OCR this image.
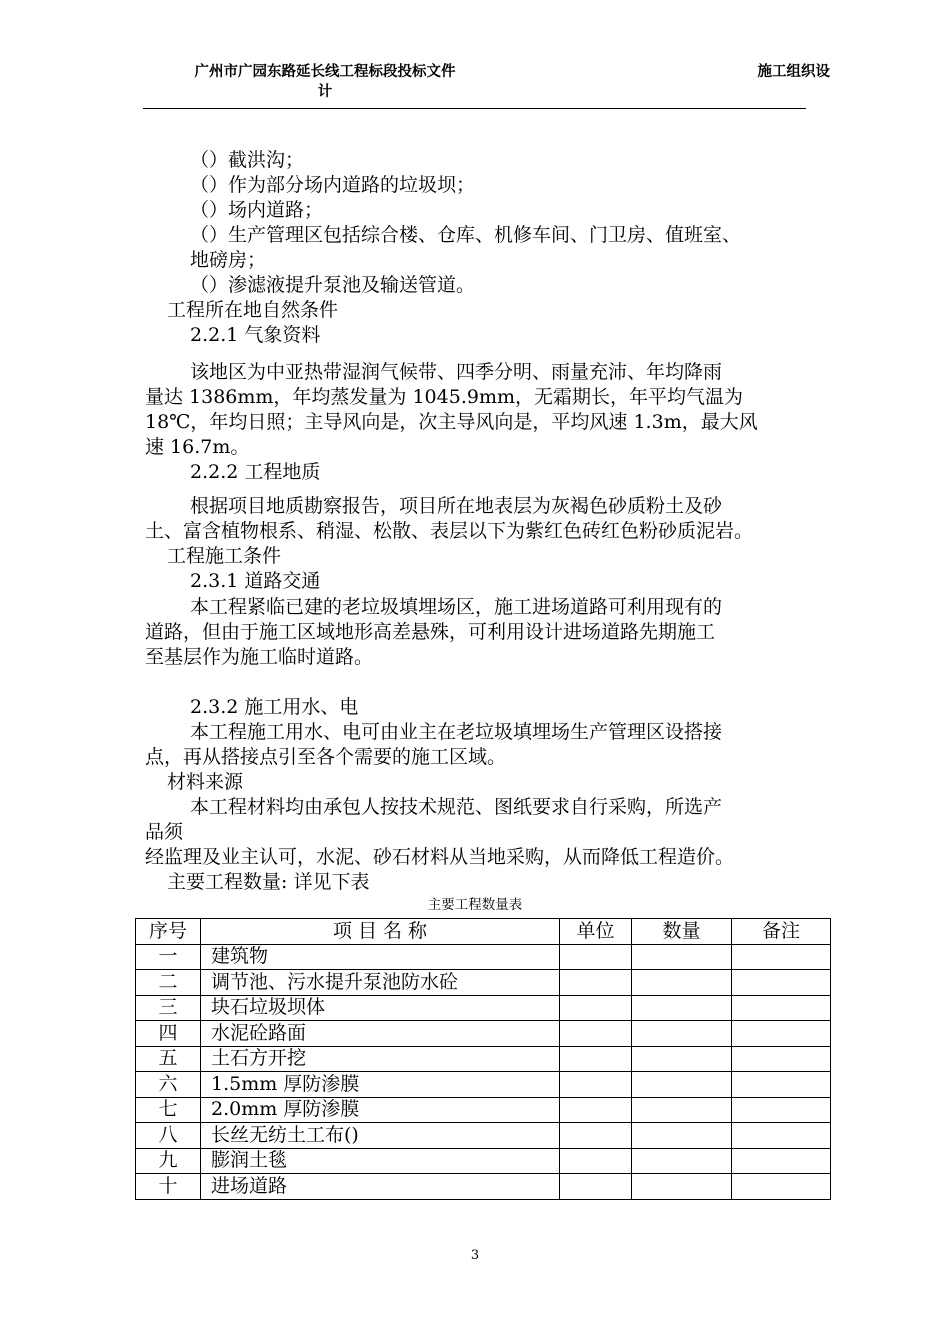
广州市广园东路延长线工程标段投标文件
计
施工组织设
（）截洪沟；
（）作为部分场内道路的垃圾坝；
（）场内道路；
（）生产管理区包括综合楼、仓库、机修车间、门卫房、值班室、
地磅房；
（）渗滤液提升泵池及输送管道。
工程所在地自然条件
2.2.1 气象资料
该地区为中亚热带湿润气候带、四季分明、雨量充沛、年均降雨
量达 1386mm，年均蒸发量为 1045.9mm，无霜期长，年平均气温为
18℃，年均日照；主导风向是，次主导风向是，平均风速 1.3m，最大风
速 16.7m。
2.2.2 工程地质
根据项目地质勘察报告，项目所在地表层为灰褐色砂质粉土及砂
土、富含植物根系、稍湿、松散、表层以下为紫红色砖红色粉砂质泥岩。
工程施工条件
2.3.1 道路交通
本工程紧临已建的老垃圾填埋场区，施工进场道路可利用现有的
道路，但由于施工区域地形高差悬殊，可利用设计进场道路先期施工
至基层作为施工临时道路。
2.3.2 施工用水、电
本工程施工用水、电可由业主在老垃圾填埋场生产管理区设搭接
点，再从搭接点引至各个需要的施工区域。
材料来源
本工程材料均由承包人按技术规范、图纸要求自行采购，所选产
品须
经监理及业主认可，水泥、砂石材料从当地采购，从而降低工程造价。
主要工程数量: 详见下表
主要工程数量表
序号	项 目 名 称	单位	数量	备注
一	建筑物			
二	调节池、污水提升泵池防水砼			
三	块石垃圾坝体			
四	水泥砼路面			
五	土石方开挖			
六	1.5mm 厚防渗膜			
七	2.0mm 厚防渗膜			
八	长丝无纺土工布()			
九	膨润土毯			
十	进场道路			
3
